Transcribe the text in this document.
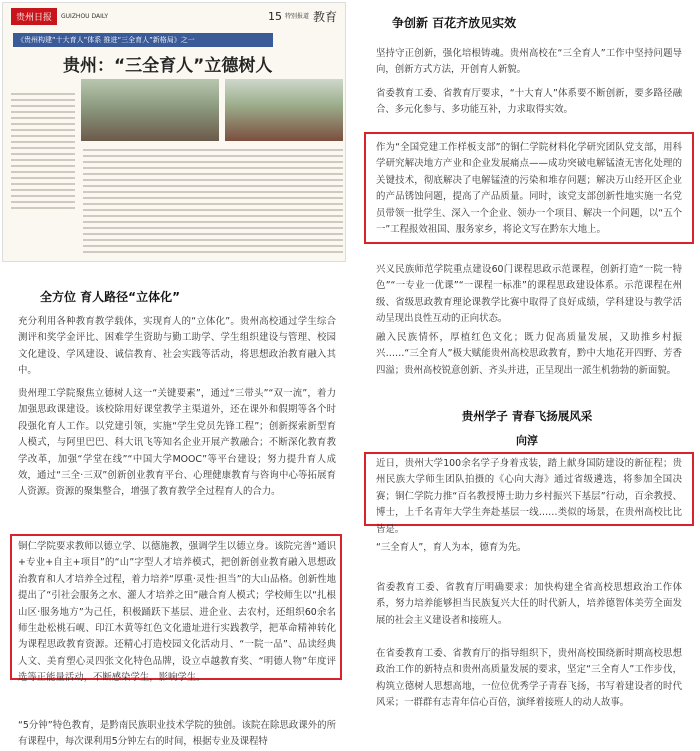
贵州日报	GUIZHOU DAILY	15 特别报道 教育
《贵州构建“十大育人”体系 推进“三全育人”新格局》之一
贵州：“三全育人”立德树人
全方位 育人路径“立体化”

充分利用各种教育教学载体，实现育人的“立体化”。贵州高校通过学生综合测评和奖学金评比、困难学生资助与勤工助学、学生组织建设与管理、校园文化建设、学风建设、诚信教育、社会实践等活动，将思想政治教育融入其中。

贵州理工学院聚焦立德树人这一“关键要素”，通过“三带头”“双一流”，着力加强思政课建设。该校除用好课堂教学主渠道外，还在课外和假期等各个时段强化育人工作。以党建引领，实施“学生党员先锋工程”；创新探索新型育人模式，与阿里巴巴、科大讯飞等知名企业开展产教融合；不断深化教育教学改革，加强“学堂在线”“中国大学MOOC”等平台建设；努力提升育人成效，通过“三全·三双”创新创业教育平台、心理健康教育与咨询中心等拓展育人资源。资源的聚集整合，增强了教育教学全过程育人的合力。

铜仁学院要求教师以德立学、以德施教，强调学生以德立身。该院完善“通识+专业+自主+项目”的“山”字型人才培养模式，把创新创业教育融入思想政治教育和人才培养全过程，着力培养“厚重·灵性·担当”的大山品格。创新性地提出了“引社会服务之水、灌人才培养之田”融合育人模式；学校师生以“扎根山区·服务地方”为己任，积极踊跃下基层、进企业、去农村，还组织60余名师生赴松桃石岘、印江木黄等红色文化遗址进行实践教学，把革命精神转化为课程思政教育资源。还精心打造校园文化活动月、“一院一品”、品读经典人文、美育塑心灵四张文化特色品牌，设立卓越教育奖、“明德人物”年度评选等正能量活动，不断感染学生，影响学生。

“5分钟”特色教育，是黔南民族职业技术学院的独创。该院在除思政课外的所有课程中，每次课利用5分钟左右的时间，根据专业及课程特

争创新 百花齐放见实效

坚持守正创新，强化培根铸魂。贵州高校在“三全育人”工作中坚持问题导向，创新方式方法，开创育人新貌。

省委教育工委、省教育厅要求，“十大育人”体系要不断创新，要多路径融合、多元化参与、多功能互补，力求取得实效。

作为“全国党建工作样板支部”的铜仁学院材料化学研究团队党支部，用科学研究解决地方产业和企业发展痛点——成功突破电解锰渣无害化处理的关键技术，彻底解决了电解锰渣的污染和堆存问题；解决万山经开区企业的产品锈蚀问题，提高了产品质量。同时，该党支部创新性地实施一名党员带领一批学生、深入一个企业、领办一个项目、解决一个问题，以“五个一”工程报效祖国、服务家乡，将论文写在黔东大地上。

兴义民族师范学院重点建设60门课程思政示范课程，创新打造“一院一特色”“一专业一优课”“一课程一标准”的课程思政建设体系。示范课程在州级、省级思政教育理论课教学比赛中取得了良好成绩，学科建设与教学活动呈现出良性互动的正向状态。

融入民族情怀，厚植红色文化；既力促高质量发展，又助推乡村振兴……“三全育人”极大赋能贵州高校思政教育，黔中大地花开四野、芳香四溢；贵州高校锐意创新、齐头并进，正呈现出一派生机勃勃的新面貌。

贵州学子 青春飞扬展风采
向淳

近日，贵州大学100余名学子身着戎装，踏上献身国防建设的新征程；贵州民族大学师生团队拍摄的《心向大海》通过省级遴选，将参加全国决赛；铜仁学院力推“百名教授博士助力乡村振兴下基层”行动，百余教授、博士，上千名青年大学生奔赴基层一线……类似的场景，在贵州高校比比皆是。

“三全育人”，育人为本，德育为先。

省委教育工委、省教育厅明确要求：加快构建全省高校思想政治工作体系，努力培养能够担当民族复兴大任的时代新人，培养德智体美劳全面发展的社会主义建设者和接班人。

在省委教育工委、省教育厅的指导组织下，贵州高校围绕新时期高校思想政治工作的新特点和贵州高质量发展的要求，坚定“三全育人”工作步伐，构筑立德树人思想高地，一位位优秀学子青春飞扬，书写着建设者的时代风采；一群群有志青年信心百倍，演绎着接班人的动人故事。
